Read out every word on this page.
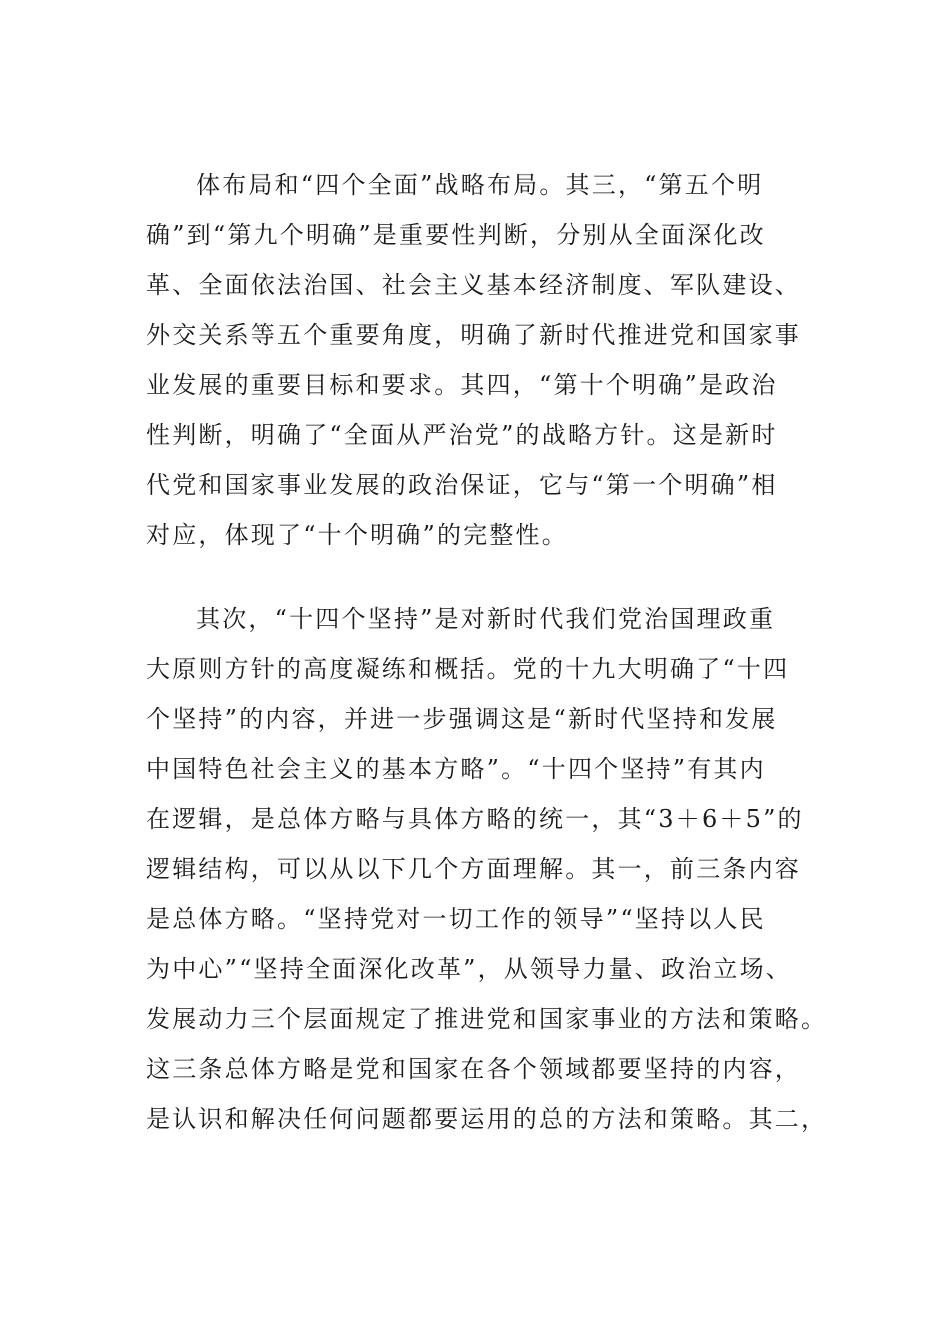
体布局和“四个全面”战略布局。其三，“第五个明
确”到“第九个明确”是重要性判断，分别从全面深化改
革、全面依法治国、社会主义基本经济制度、军队建设、
外交关系等五个重要角度，明确了新时代推进党和国家事
业发展的重要目标和要求。其四，“第十个明确”是政治
性判断，明确了“全面从严治党”的战略方针。这是新时
代党和国家事业发展的政治保证，它与“第一个明确”相
对应，体现了“十个明确”的完整性。
其次，“十四个坚持”是对新时代我们党治国理政重
大原则方针的高度凝练和概括。党的十九大明确了“十四
个坚持”的内容，并进一步强调这是“新时代坚持和发展
中国特色社会主义的基本方略”。“十四个坚持”有其内
在逻辑，是总体方略与具体方略的统一，其“3＋6＋5”的
逻辑结构，可以从以下几个方面理解。其一，前三条内容
是总体方略。“坚持党对一切工作的领导”“坚持以人民
为中心”“坚持全面深化改革”，从领导力量、政治立场、
发展动力三个层面规定了推进党和国家事业的方法和策略。
这三条总体方略是党和国家在各个领域都要坚持的内容，
是认识和解决任何问题都要运用的总的方法和策略。其二，
